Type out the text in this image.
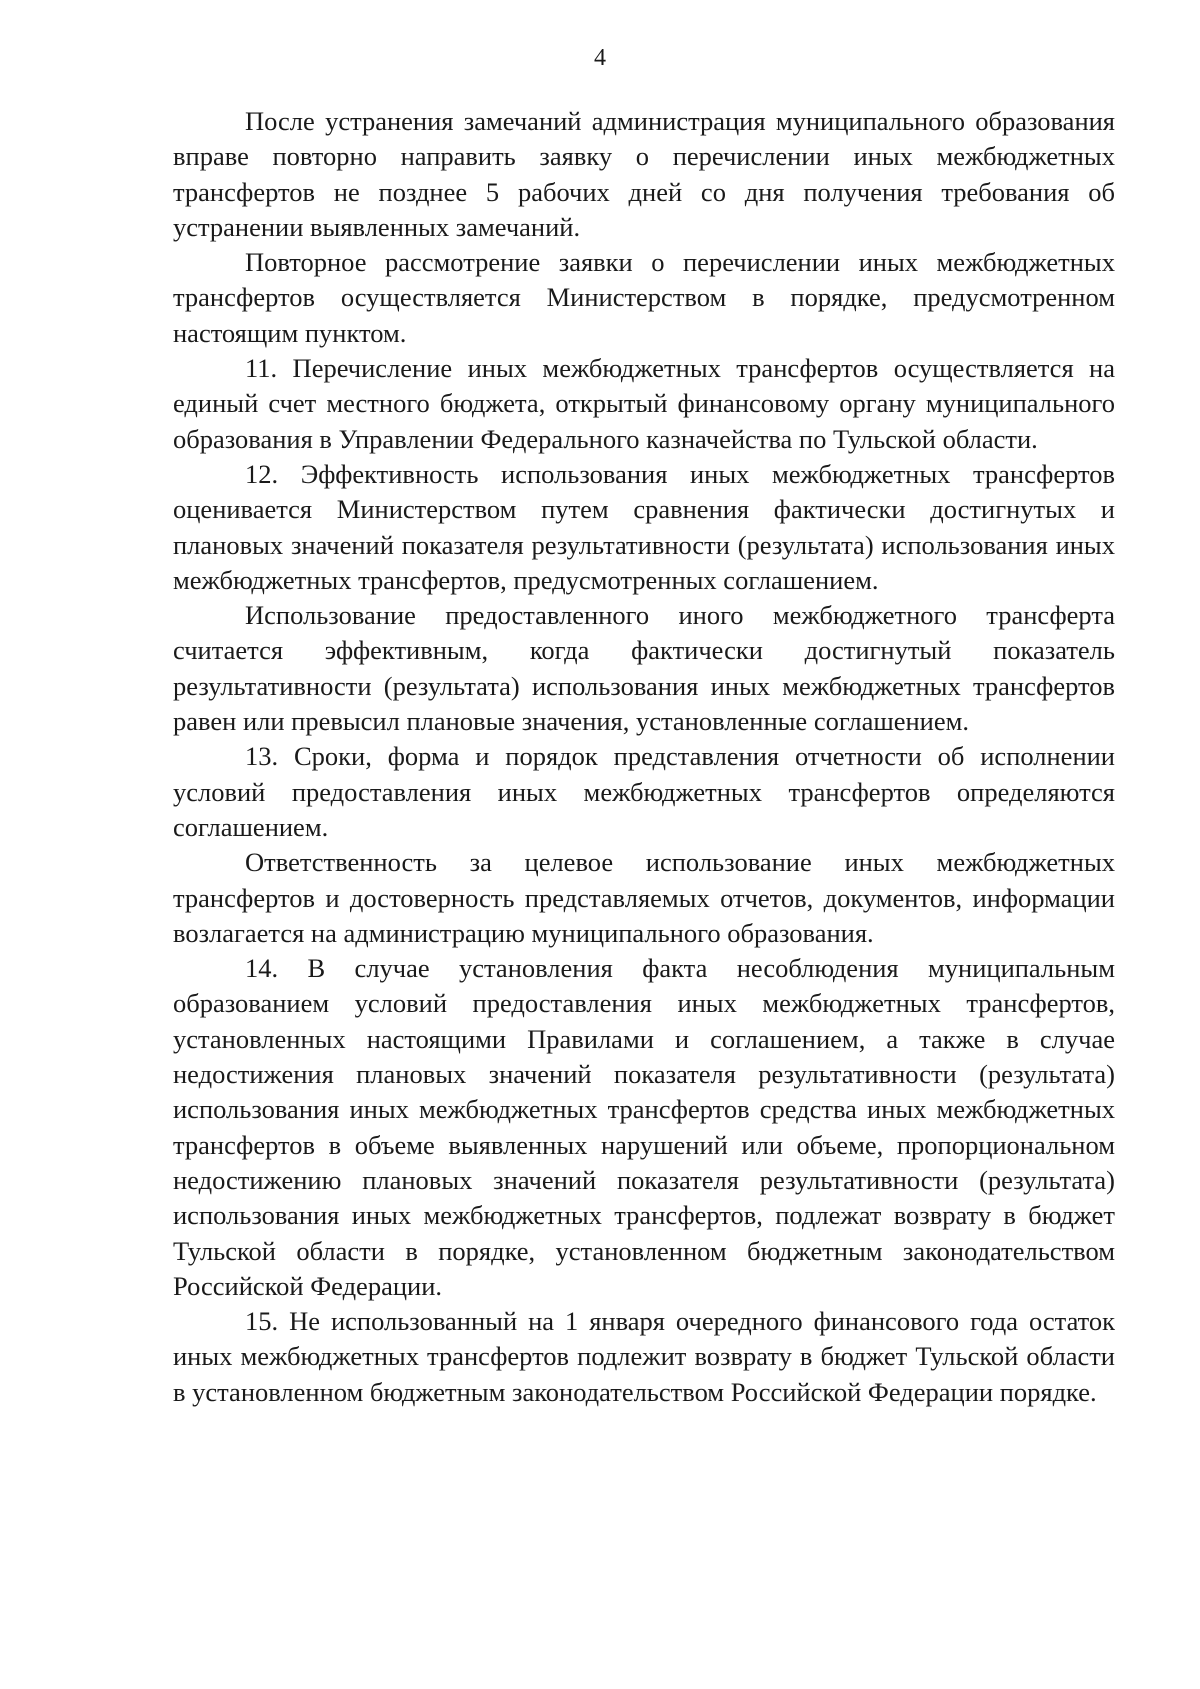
4

После устранения замечаний администрация муниципального образования вправе повторно направить заявку о перечислении иных межбюджетных трансфертов не позднее 5 рабочих дней со дня получения требования об устранении выявленных замечаний.

Повторное рассмотрение заявки о перечислении иных межбюджетных трансфертов осуществляется Министерством в порядке, предусмотренном настоящим пунктом.

11. Перечисление иных межбюджетных трансфертов осуществляется на единый счет местного бюджета, открытый финансовому органу муниципального образования в Управлении Федерального казначейства по Тульской области.

12. Эффективность использования иных межбюджетных трансфертов оценивается Министерством путем сравнения фактически достигнутых и плановых значений показателя результативности (результата) использования иных межбюджетных трансфертов, предусмотренных соглашением.

Использование предоставленного иного межбюджетного трансферта считается эффективным, когда фактически достигнутый показатель результативности (результата) использования иных межбюджетных трансфертов равен или превысил плановые значения, установленные соглашением.

13. Сроки, форма и порядок представления отчетности об исполнении условий предоставления иных межбюджетных трансфертов определяются соглашением.

Ответственность за целевое использование иных межбюджетных трансфертов и достоверность представляемых отчетов, документов, информации возлагается на администрацию муниципального образования.

14. В случае установления факта несоблюдения муниципальным образованием условий предоставления иных межбюджетных трансфертов, установленных настоящими Правилами и соглашением, а также в случае недостижения плановых значений показателя результативности (результата) использования иных межбюджетных трансфертов средства иных межбюджетных трансфертов в объеме выявленных нарушений или объеме, пропорциональном недостижению плановых значений показателя результативности (результата) использования иных межбюджетных трансфертов, подлежат возврату в бюджет Тульской области в порядке, установленном бюджетным законодательством Российской Федерации.

15. Не использованный на 1 января очередного финансового года остаток иных межбюджетных трансфертов подлежит возврату в бюджет Тульской области в установленном бюджетным законодательством Российской Федерации порядке.
